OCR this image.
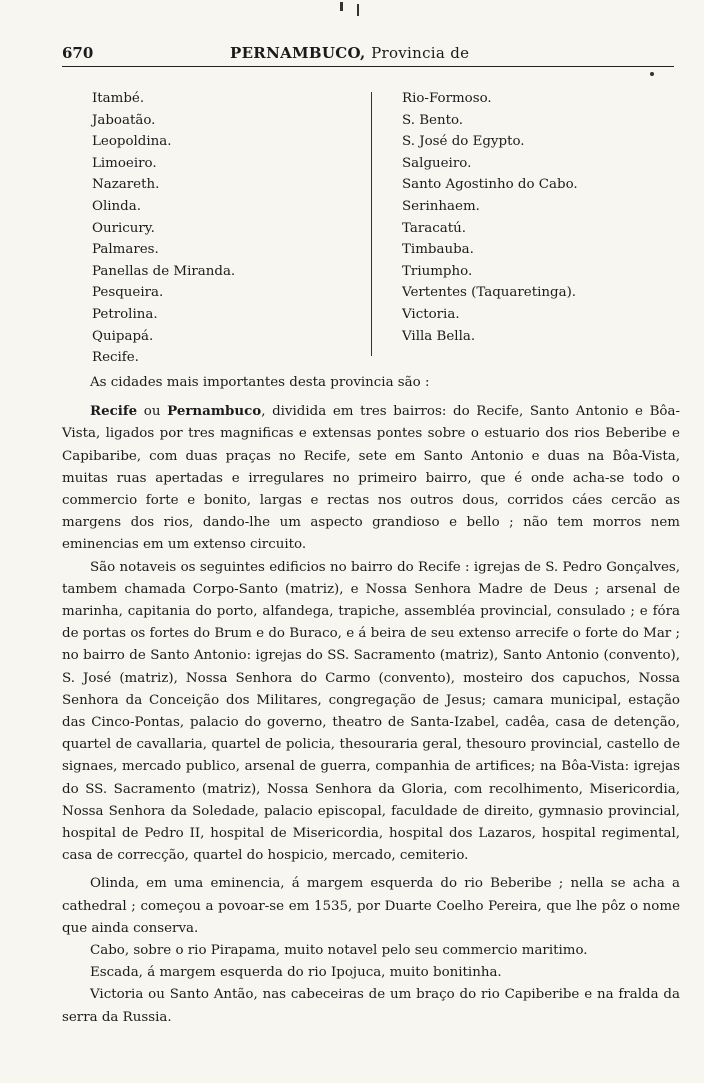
670	PERNAMBUCO, Provincia de
Itambé.
Jaboatão.
Leopoldina.
Limoeiro.
Nazareth.
Olinda.
Ouricury.
Palmares.
Panellas de Miranda.
Pesqueira.
Petrolina.
Quipapá.
Recife.
Rio-Formoso.
S. Bento.
S. José do Egypto.
Salgueiro.
Santo Agostinho do Cabo.
Serinhaem.
Taracatú.
Timbauba.
Triumpho.
Vertentes (Taquaretinga).
Victoria.
Villa Bella.

As cidades mais importantes desta provincia são :

Recife ou Pernambuco, dividida em tres bairros: do Recife, Santo Antonio e Bôa-Vista, ligados por tres magnificas e extensas pontes sobre o estuario dos rios Beberibe e Capibaribe, com duas praças no Recife, sete em Santo Antonio e duas na Bôa-Vista, muitas ruas apertadas e irregulares no primeiro bairro, que é onde acha-se todo o commercio forte e bonito, largas e rectas nos outros dous, corridos cáes cercão as margens dos rios, dando-lhe um aspecto grandioso e bello ; não tem morros nem eminencias em um extenso circuito.

São notaveis os seguintes edificios no bairro do Recife : igrejas de S. Pedro Gonçalves, tambem chamada Corpo-Santo (matriz), e Nossa Senhora Madre de Deus ; arsenal de marinha, capitania do porto, alfandega, trapiche, assembléa provincial, consulado ; e fóra de portas os fortes do Brum e do Buraco, e á beira de seu extenso arrecife o forte do Mar ; no bairro de Santo Antonio: igrejas do SS. Sacramento (matriz), Santo Antonio (convento), S. José (matriz), Nossa Senhora do Carmo (convento), mosteiro dos capuchos, Nossa Senhora da Conceição dos Militares, congregação de Jesus; camara municipal, estação das Cinco-Pontas, palacio do governo, theatro de Santa-Izabel, cadêa, casa de detenção, quartel de cavallaria, quartel de policia, thesouraria geral, thesouro provincial, castello de signaes, mercado publico, arsenal de guerra, companhia de artifices; na Bôa-Vista: igrejas do SS. Sacramento (matriz), Nossa Senhora da Gloria, com recolhimento, Misericordia, Nossa Senhora da Soledade, palacio episcopal, faculdade de direito, gymnasio provincial, hospital de Pedro II, hospital de Misericordia, hospital dos Lazaros, hospital regimental, casa de correcção, quartel do hospicio, mercado, cemiterio.

Olinda, em uma eminencia, á margem esquerda do rio Beberibe ; nella se acha a cathedral ; começou a povoar-se em 1535, por Duarte Coelho Pereira, que lhe pôz o nome que ainda conserva.

Cabo, sobre o rio Pirapama, muito notavel pelo seu commercio maritimo.

Escada, á margem esquerda do rio Ipojuca, muito bonitinha.

Victoria ou Santo Antão, nas cabeceiras de um braço do rio Capiberibe e na fralda da serra da Russia.
